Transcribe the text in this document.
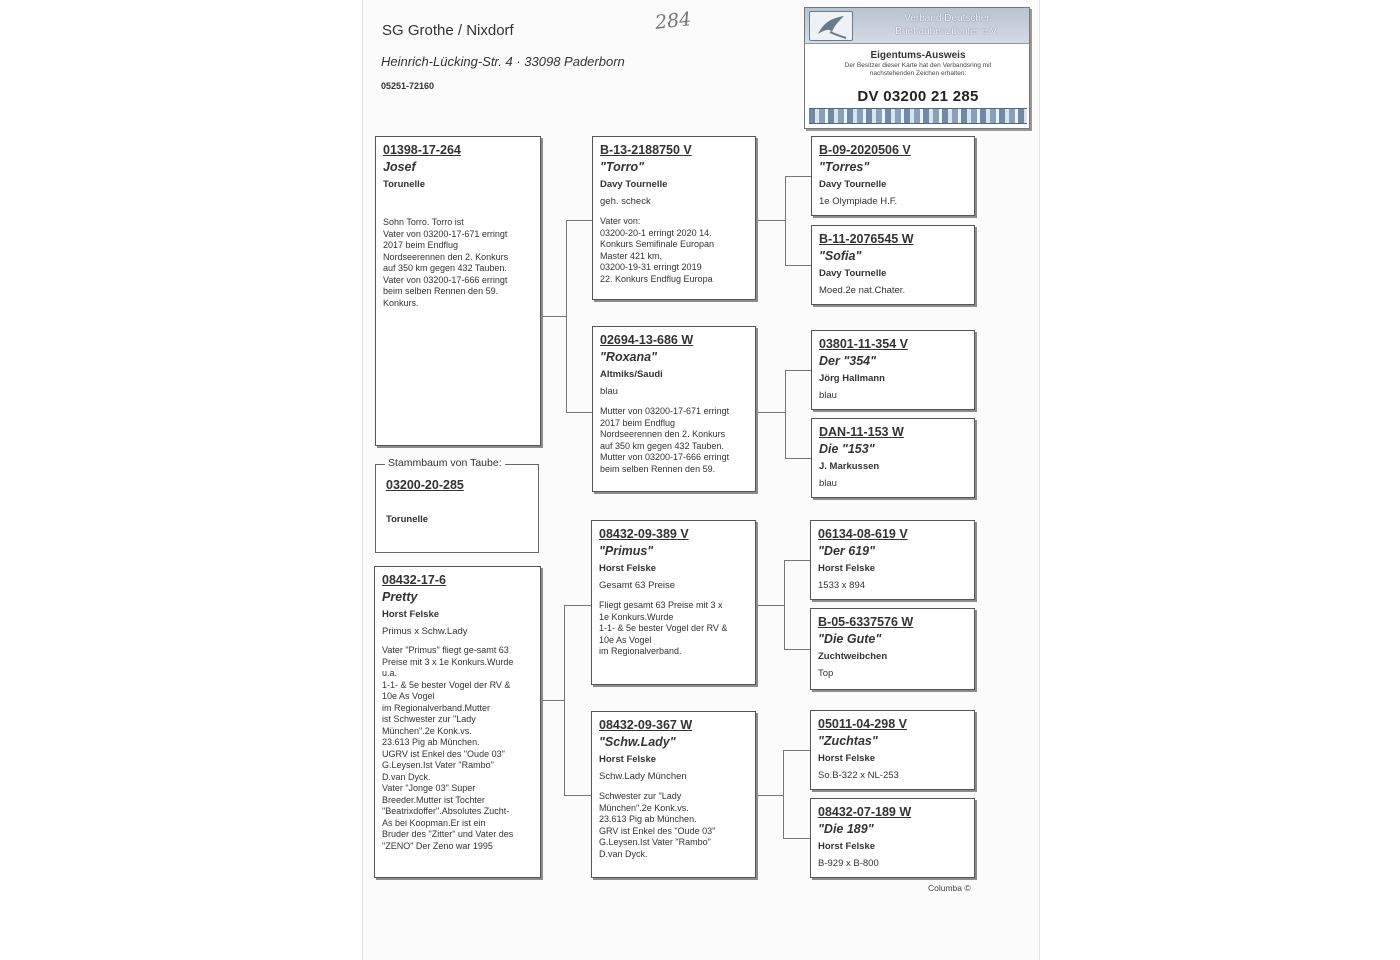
SG Grothe / Nixdorf
Heinrich-Lücking-Str. 4 · 33098 Paderborn
05251-72160
284	Verband Deutscher
Brieftaubenzüchter e.V.
Eigentums-Ausweis
Der Besitzer dieser Karte hat den Verbandsring mit nachstehenden Zeichen erhalten:
DV 03200 21 285
01398-17-264
Josef
Torunelle
Sohn Torro. Torro ist
Vater von 03200-17-671 erringt
2017 beim Endflug
Nordseerennen den 2. Konkurs
auf 350 km gegen 432 Tauben.
Vater von 03200-17-666 erringt
beim selben Rennen den 59.
Konkurs.
Stammbaum von Taube:
03200-20-285
Torunelle
08432-17-6
Pretty
Horst Felske
Primus x Schw.Lady
Vater "Primus" fliegt ge-samt 63
Preise mit 3 x 1e Konkurs.Wurde
u.a.
1-1- & 5e bester Vogel der RV &
10e As Vogel
im Regionalverband.Mutter
ist Schwester zur "Lady
München".2e Konk.vs.
23.613 Pig ab München.
UGRV ist Enkel des "Oude 03"
G.Leysen.Ist Vater "Rambo"
D.van Dyck.
Vater "Jonge 03" Super
Breeder.Mutter ist Tochter
"Beatrixdoffer".Absolutes Zucht-
As bei Koopman.Er ist ein
Bruder des "Zitter" und Vater des
"ZENO" Der Zeno war 1995
B-13-2188750 V
"Torro"
Davy Tournelle
geh. scheck
Vater von:
03200-20-1 erringt 2020 14.
Konkurs Semifinale Europan
Master 421 km,
03200-19-31 erringt 2019
22. Konkurs Endflug Europa
02694-13-686 W
"Roxana"
Altmiks/Saudi
blau
Mutter von 03200-17-671 erringt
2017 beim Endflug
Nordseerennen den 2. Konkurs
auf 350 km gegen 432 Tauben.
Mutter von 03200-17-666 erringt
beim selben Rennen den 59.
08432-09-389 V
"Primus"
Horst Felske
Gesamt 63 Preise
Fliegt gesamt 63 Preise mit 3 x
1e Konkurs.Wurde
1-1- & 5e bester Vogel der RV &
10e As Vogel
im Regionalverband.
08432-09-367 W
"Schw.Lady"
Horst Felske
Schw.Lady München
Schwester zur "Lady
München".2e Konk.vs.
23.613 Pig ab München.
GRV ist Enkel des "Oude 03"
G.Leysen.Ist Vater "Rambo"
D.van Dyck.
B-09-2020506 V
"Torres"
Davy Tournelle
1e Olympiade H.F.
B-11-2076545 W
"Sofia"
Davy Tournelle
Moed.2e nat.Chater.
03801-11-354 V
Der "354"
Jörg Hallmann
blau
DAN-11-153 W
Die "153"
J. Markussen
blau
06134-08-619 V
"Der 619"
Horst Felske
1533 x 894
B-05-6337576 W
"Die Gute"
Zuchtweibchen
Top
05011-04-298 V
"Zuchtas"
Horst Felske
So.B-322 x NL-253
08432-07-189 W
"Die 189"
Horst Felske
B-929 x B-800
Columba ©
